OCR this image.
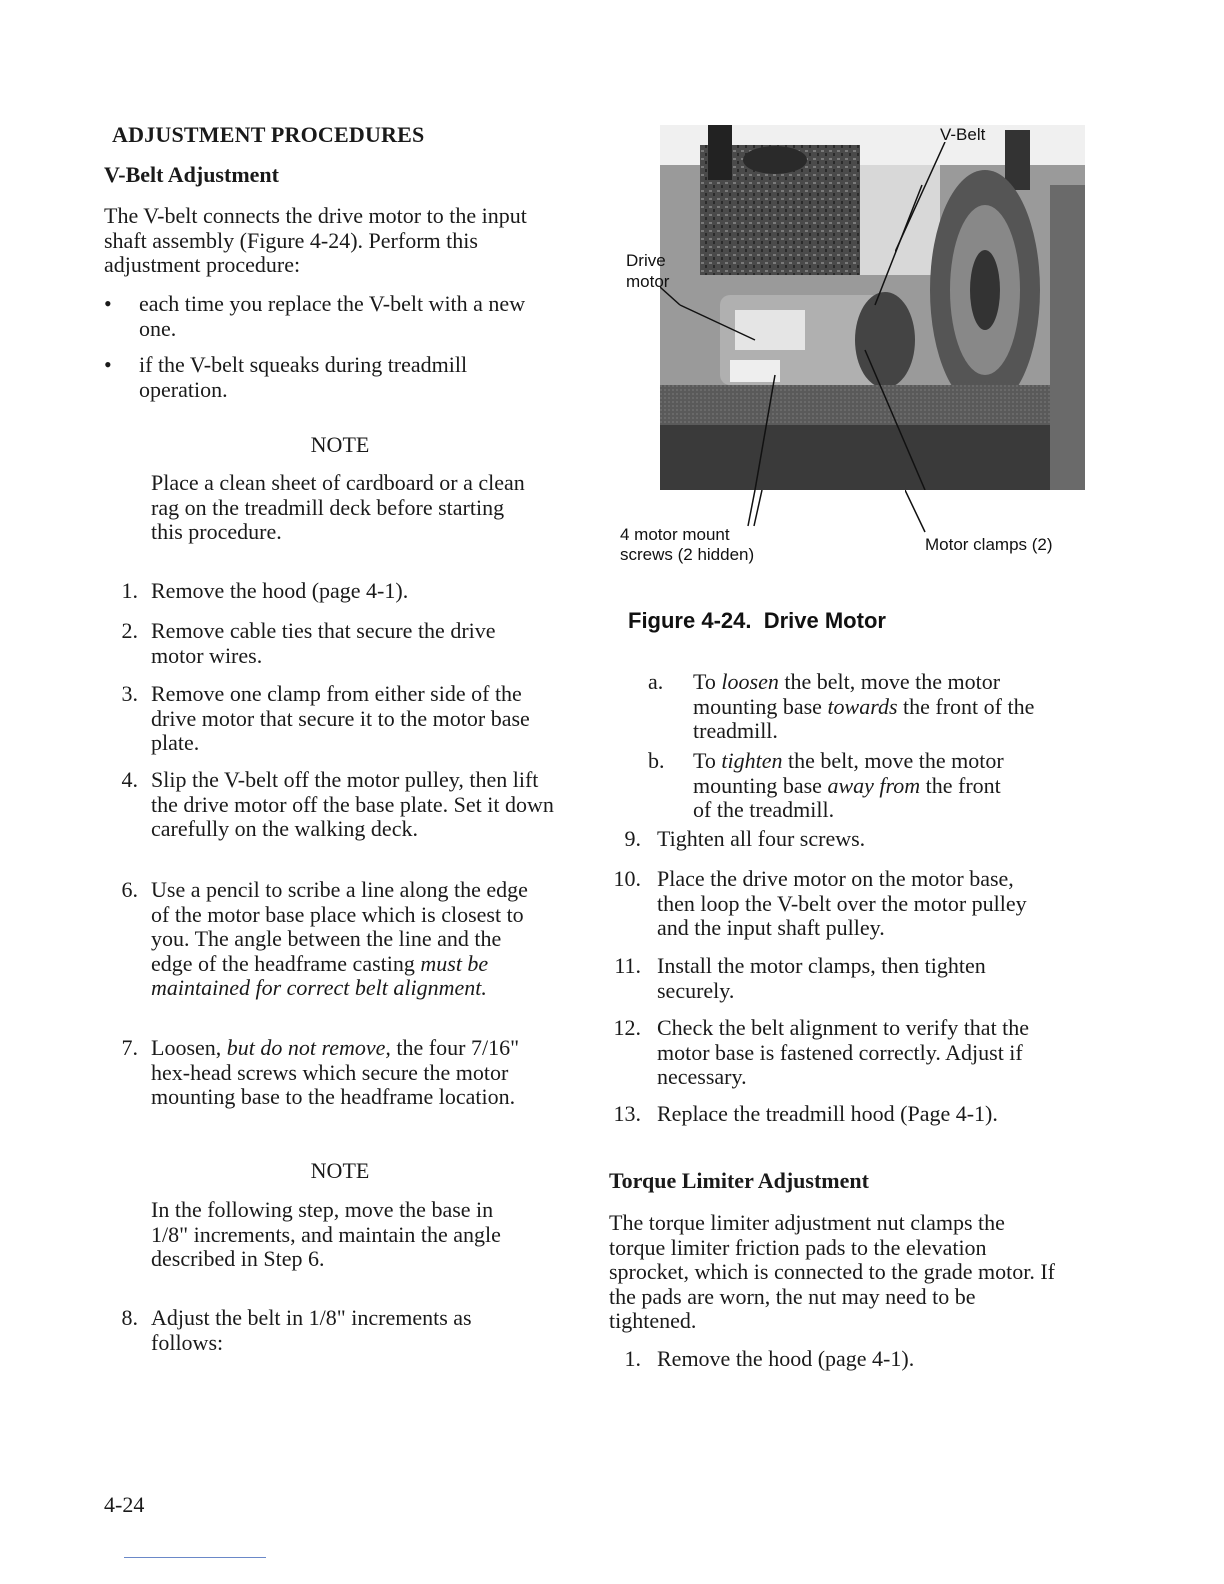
ADJUSTMENT PROCEDURES
V-Belt Adjustment

The V-belt connects the drive motor to the input shaft assembly (Figure 4-24). Perform this adjustment procedure:

• each time you replace the V-belt with a new one.

• if the V-belt squeaks during treadmill operation.

NOTE

Place a clean sheet of cardboard or a clean rag on the treadmill deck before starting this procedure.

1. Remove the hood (page 4-1).

2. Remove cable ties that secure the drive motor wires.

3. Remove one clamp from either side of the drive motor that secure it to the motor base plate.

4. Slip the V-belt off the motor pulley, then lift the drive motor off the base plate. Set it down carefully on the walking deck.

6. Use a pencil to scribe a line along the edge of the motor base place which is closest to you. The angle between the line and the edge of the headframe casting must be maintained for correct belt alignment.

7. Loosen, but do not remove, the four 7/16" hex-head screws which secure the motor mounting base to the headframe location.

NOTE

In the following step, move the base in 1/8" increments, and maintain the angle described in Step 6.

8. Adjust the belt in 1/8" increments as follows:

4-24
V-Belt
Drive
motor
4 motor mount
screws (2 hidden)
Motor clamps (2)
Figure 4-24.  Drive Motor
a.	To loosen the belt, move the motor mounting base towards the front of the treadmill.

b.	To tighten the belt, move the motor mounting base away from the front of the treadmill.

9. Tighten all four screws.

10. Place the drive motor on the motor base, then loop the V-belt over the motor pulley and the input shaft pulley.

11. Install the motor clamps, then tighten securely.

12. Check the belt alignment to verify that the motor base is fastened correctly. Adjust if necessary.

13. Replace the treadmill hood (Page 4-1).

Torque Limiter Adjustment

The torque limiter adjustment nut clamps the torque limiter friction pads to the elevation sprocket, which is connected to the grade motor. If the pads are worn, the nut may need to be tightened.

1. Remove the hood (page 4-1).
